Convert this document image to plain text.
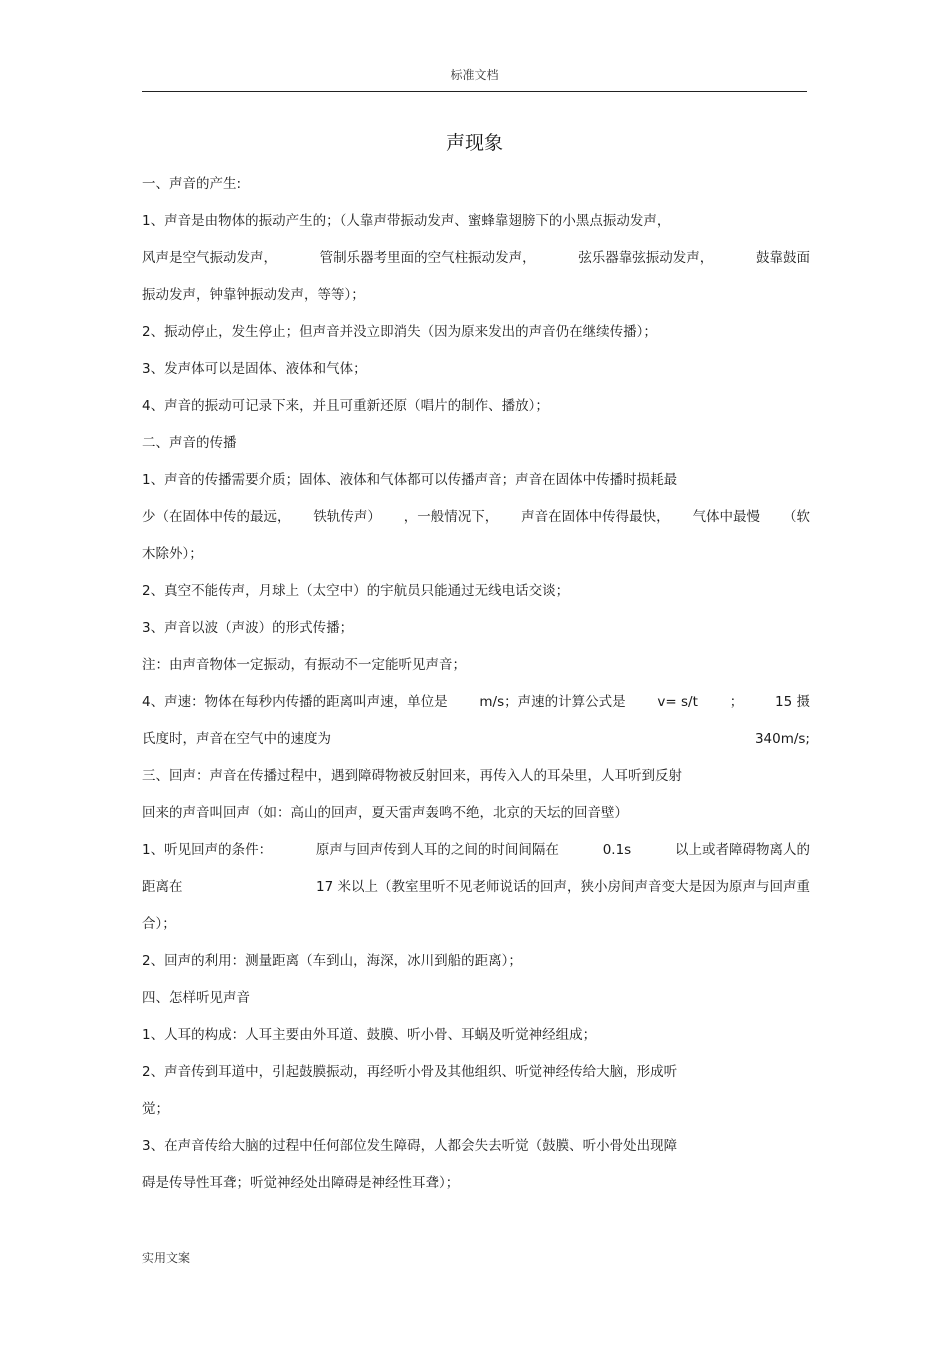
标准文档
声现象
一、声音的产生:
1、声音是由物体的振动产生的；（人靠声带振动发声、蜜蜂靠翅膀下的小黑点振动发声，
风声是空气振动发声，	管制乐器考里面的空气柱振动发声，	弦乐器靠弦振动发声，	鼓靠鼓面
振动发声，钟靠钟振动发声，等等）；
2、振动停止，发生停止；但声音并没立即消失（因为原来发出的声音仍在继续传播）；
3、发声体可以是固体、液体和气体；
4、声音的振动可记录下来，并且可重新还原（唱片的制作、播放）；
二、声音的传播
1、声音的传播需要介质；固体、液体和气体都可以传播声音；声音在固体中传播时损耗最
少（在固体中传的最远， 铁轨传声） ，一般情况下， 声音在固体中传得最快， 气体中最慢 （软
木除外）；
2、真空不能传声，月球上（太空中）的宇航员只能通过无线电话交谈；
3、声音以波（声波）的形式传播；
注：由声音物体一定振动，有振动不一定能听见声音；
4、声速：物体在每秒内传播的距离叫声速，单位是 m/s；声速的计算公式是 v= s/t ； 15 摄
氏度时，声音在空气中的速度为	340m/s;
三、回声：声音在传播过程中，遇到障碍物被反射回来，再传入人的耳朵里，人耳听到反射
回来的声音叫回声（如：高山的回声，夏天雷声轰鸣不绝，北京的天坛的回音壁）
1、听见回声的条件：	原声与回声传到人耳的之间的时间间隔在	0.1s	以上或者障碍物离人的
距离在	17 米以上（教室里听不见老师说话的回声，狭小房间声音变大是因为原声与回声重
合）；
2、回声的利用：测量距离（车到山，海深，冰川到船的距离）；
四、怎样听见声音
1、人耳的构成：人耳主要由外耳道、鼓膜、听小骨、耳蜗及听觉神经组成；
2、声音传到耳道中，引起鼓膜振动，再经听小骨及其他组织、听觉神经传给大脑，形成听
觉；
3、在声音传给大脑的过程中任何部位发生障碍，人都会失去听觉（鼓膜、听小骨处出现障
碍是传导性耳聋；听觉神经处出障碍是神经性耳聋）；
实用文案
